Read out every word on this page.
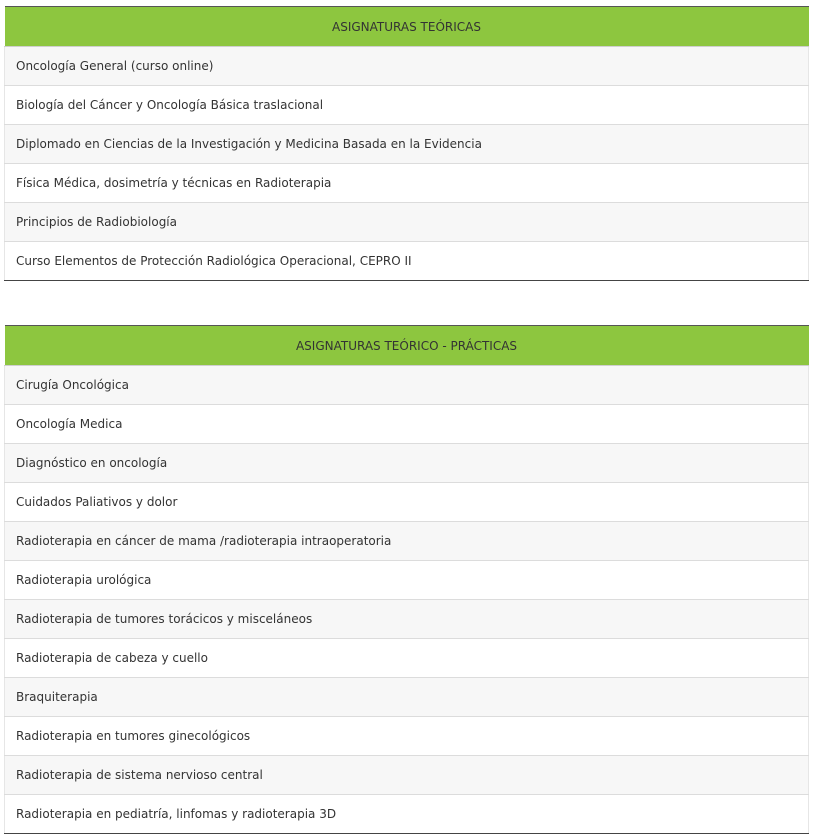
ASIGNATURAS TEÓRICAS
Oncología General (curso online)
Biología del Cáncer y Oncología Básica traslacional
Diplomado en Ciencias de la Investigación y Medicina Basada en la Evidencia
Física Médica, dosimetría y técnicas en Radioterapia
Principios de Radiobiología
Curso Elementos de Protección Radiológica Operacional, CEPRO II
ASIGNATURAS TEÓRICO - PRÁCTICAS
Cirugía Oncológica
Oncología Medica
Diagnóstico en oncología
Cuidados Paliativos y dolor
Radioterapia en cáncer de mama /radioterapia intraoperatoria
Radioterapia urológica
Radioterapia de tumores torácicos y misceláneos
Radioterapia de cabeza y cuello
Braquiterapia
Radioterapia en tumores ginecológicos
Radioterapia de sistema nervioso central
Radioterapia en pediatría, linfomas y radioterapia 3D
